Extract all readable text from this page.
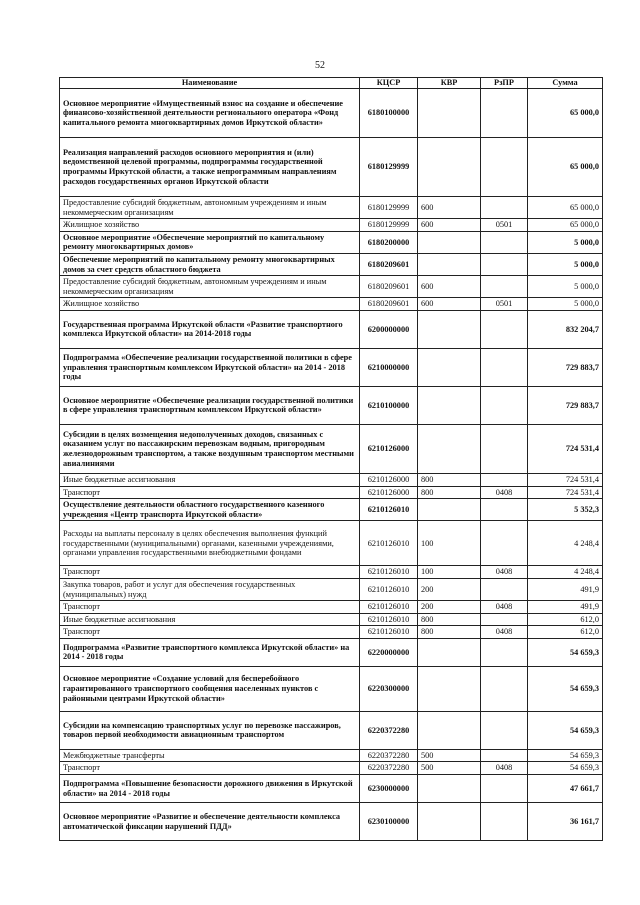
52
Наименование	КЦСР	КВР	РзПР	Сумма
Основное мероприятие «Имущественный взнос на создание и обеспечение финансово-хозяйственной деятельности регионального оператора «Фонд капитального ремонта многоквартирных домов Иркутской области»	6180100000			65 000,0
Реализация направлений расходов основного мероприятия и (или) ведомственной целевой программы, подпрограммы государственной программы Иркутской области, а также непрограммным направлениям расходов государственных органов Иркутской области	6180129999			65 000,0
Предоставление субсидий бюджетным, автономным учреждениям и иным некоммерческим организациям	6180129999	600		65 000,0
Жилищное хозяйство	6180129999	600	0501	65 000,0
Основное мероприятие «Обеспечение мероприятий по капитальному ремонту многоквартирных домов»	6180200000			5 000,0
Обеспечение мероприятий по капитальному ремонту многоквартирных домов за счет средств областного бюджета	6180209601			5 000,0
Предоставление субсидий бюджетным, автономным учреждениям и иным некоммерческим организациям	6180209601	600		5 000,0
Жилищное хозяйство	6180209601	600	0501	5 000,0
Государственная программа Иркутской области «Развитие транспортного комплекса Иркутской области» на 2014-2018 годы	6200000000			832 204,7
Подпрограмма «Обеспечение реализации государственной политики в сфере управления транспортным комплексом Иркутской области» на 2014 - 2018 годы	6210000000			729 883,7
Основное мероприятие «Обеспечение реализации государственной политики в сфере управления транспортным комплексом Иркутской области»	6210100000			729 883,7
Субсидии в целях возмещения недополученных доходов, связанных с оказанием услуг по пассажирским перевозкам водным, пригородным железнодорожным транспортом, а также воздушным транспортом местными авиалиниями	6210126000			724 531,4
Иные бюджетные ассигнования	6210126000	800		724 531,4
Транспорт	6210126000	800	0408	724 531,4
Осуществление деятельности областного государственного казенного учреждения «Центр транспорта Иркутской области»	6210126010			5 352,3
Расходы на выплаты персоналу в целях обеспечения выполнения функций государственными (муниципальными) органами, казенными учреждениями, органами управления государственными внебюджетными фондами	6210126010	100		4 248,4
Транспорт	6210126010	100	0408	4 248,4
Закупка товаров, работ и услуг для обеспечения государственных (муниципальных) нужд	6210126010	200		491,9
Транспорт	6210126010	200	0408	491,9
Иные бюджетные ассигнования	6210126010	800		612,0
Транспорт	6210126010	800	0408	612,0
Подпрограмма «Развитие транспортного комплекса Иркутской области» на 2014 - 2018 годы	6220000000			54 659,3
Основное мероприятие «Создание условий для бесперебойного гарантированного транспортного сообщения населенных пунктов с районными центрами Иркутской области»	6220300000			54 659,3
Субсидии на компенсацию транспортных услуг по перевозке пассажиров, товаров первой необходимости авиационным транспортом	6220372280			54 659,3
Межбюджетные трансферты	6220372280	500		54 659,3
Транспорт	6220372280	500	0408	54 659,3
Подпрограмма «Повышение безопасности дорожного движения в Иркутской области» на 2014 - 2018 годы	6230000000			47 661,7
Основное мероприятие «Развитие и обеспечение деятельности комплекса автоматической фиксации нарушений ПДД»	6230100000			36 161,7
